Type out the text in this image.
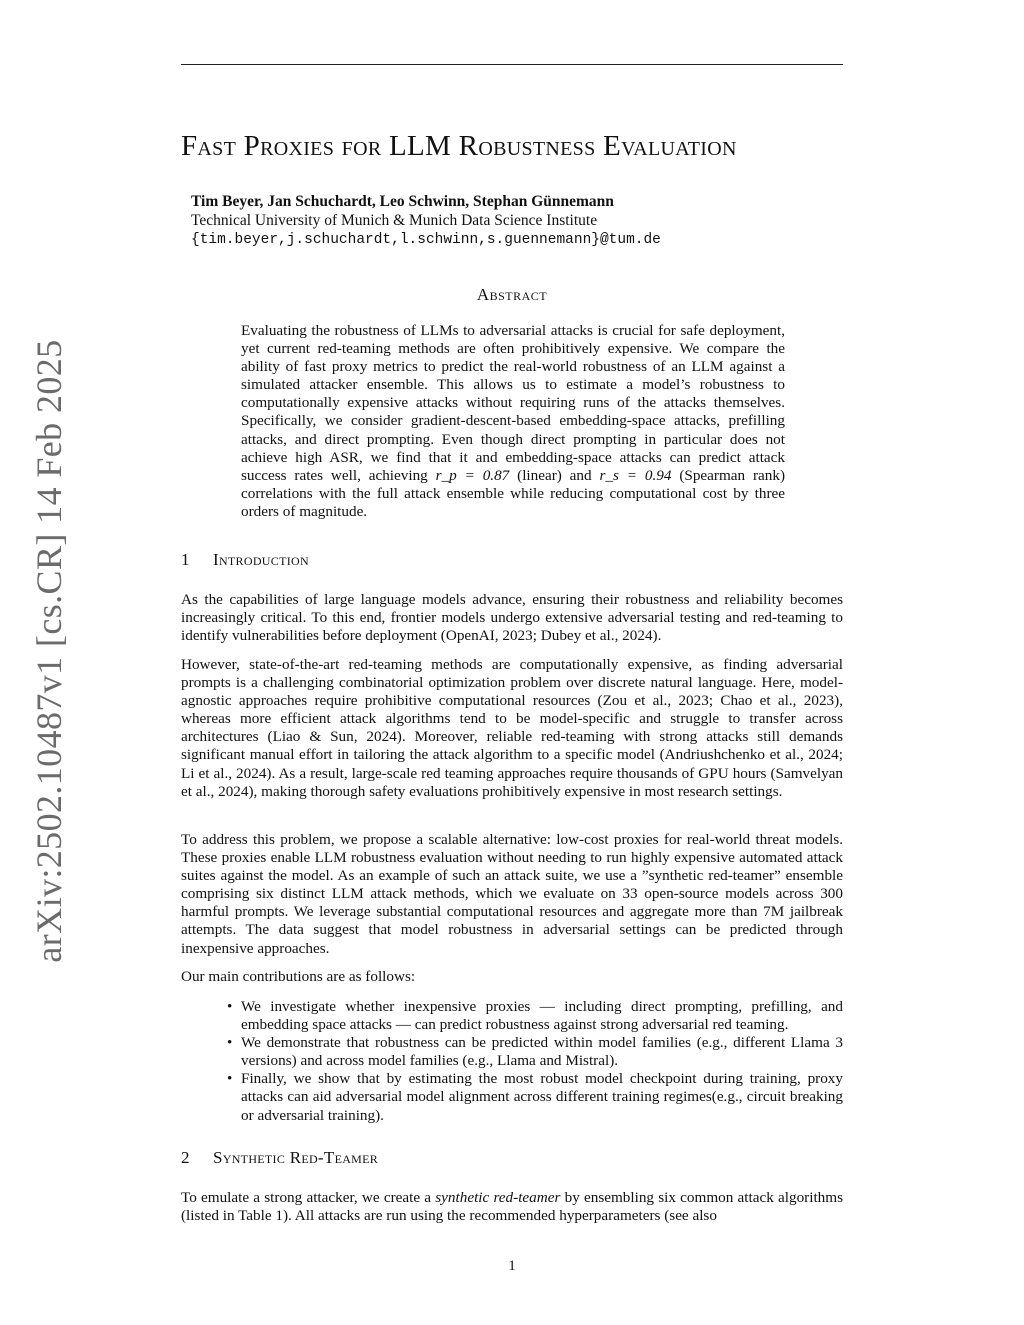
arXiv:2502.10487v1 [cs.CR] 14 Feb 2025
Fast Proxies for LLM Robustness Evaluation
Tim Beyer, Jan Schuchardt, Leo Schwinn, Stephan Günnemann
Technical University of Munich & Munich Data Science Institute
{tim.beyer,j.schuchardt,l.schwinn,s.guennemann}@tum.de
Abstract
Evaluating the robustness of LLMs to adversarial attacks is crucial for safe deployment, yet current red-teaming methods are often prohibitively expensive. We compare the ability of fast proxy metrics to predict the real-world robustness of an LLM against a simulated attacker ensemble. This allows us to estimate a model’s robustness to computationally expensive attacks without requiring runs of the attacks themselves. Specifically, we consider gradient-descent-based embedding-space attacks, prefilling attacks, and direct prompting. Even though direct prompting in particular does not achieve high ASR, we find that it and embedding-space attacks can predict attack success rates well, achieving r_p = 0.87 (linear) and r_s = 0.94 (Spearman rank) correlations with the full attack ensemble while reducing computational cost by three orders of magnitude.
1 Introduction

As the capabilities of large language models advance, ensuring their robustness and reliability becomes increasingly critical. To this end, frontier models undergo extensive adversarial testing and red-teaming to identify vulnerabilities before deployment (OpenAI, 2023; Dubey et al., 2024).

However, state-of-the-art red-teaming methods are computationally expensive, as finding adversarial prompts is a challenging combinatorial optimization problem over discrete natural language. Here, model-agnostic approaches require prohibitive computational resources (Zou et al., 2023; Chao et al., 2023), whereas more efficient attack algorithms tend to be model-specific and struggle to transfer across architectures (Liao & Sun, 2024). Moreover, reliable red-teaming with strong attacks still demands significant manual effort in tailoring the attack algorithm to a specific model (Andriushchenko et al., 2024; Li et al., 2024). As a result, large-scale red teaming approaches require thousands of GPU hours (Samvelyan et al., 2024), making thorough safety evaluations prohibitively expensive in most research settings.

To address this problem, we propose a scalable alternative: low-cost proxies for real-world threat models. These proxies enable LLM robustness evaluation without needing to run highly expensive automated attack suites against the model. As an example of such an attack suite, we use a ”synthetic red-teamer” ensemble comprising six distinct LLM attack methods, which we evaluate on 33 open-source models across 300 harmful prompts. We leverage substantial computational resources and aggregate more than 7M jailbreak attempts. The data suggest that model robustness in adversarial settings can be predicted through inexpensive approaches.

Our main contributions are as follows:

• We investigate whether inexpensive proxies — including direct prompting, prefilling, and embedding space attacks — can predict robustness against strong adversarial red teaming.
• We demonstrate that robustness can be predicted within model families (e.g., different Llama 3 versions) and across model families (e.g., Llama and Mistral).
• Finally, we show that by estimating the most robust model checkpoint during training, proxy attacks can aid adversarial model alignment across different training regimes(e.g., circuit breaking or adversarial training).
2 Synthetic Red-Teamer

To emulate a strong attacker, we create a synthetic red-teamer by ensembling six common attack algorithms (listed in Table 1). All attacks are run using the recommended hyperparameters (see also

1
